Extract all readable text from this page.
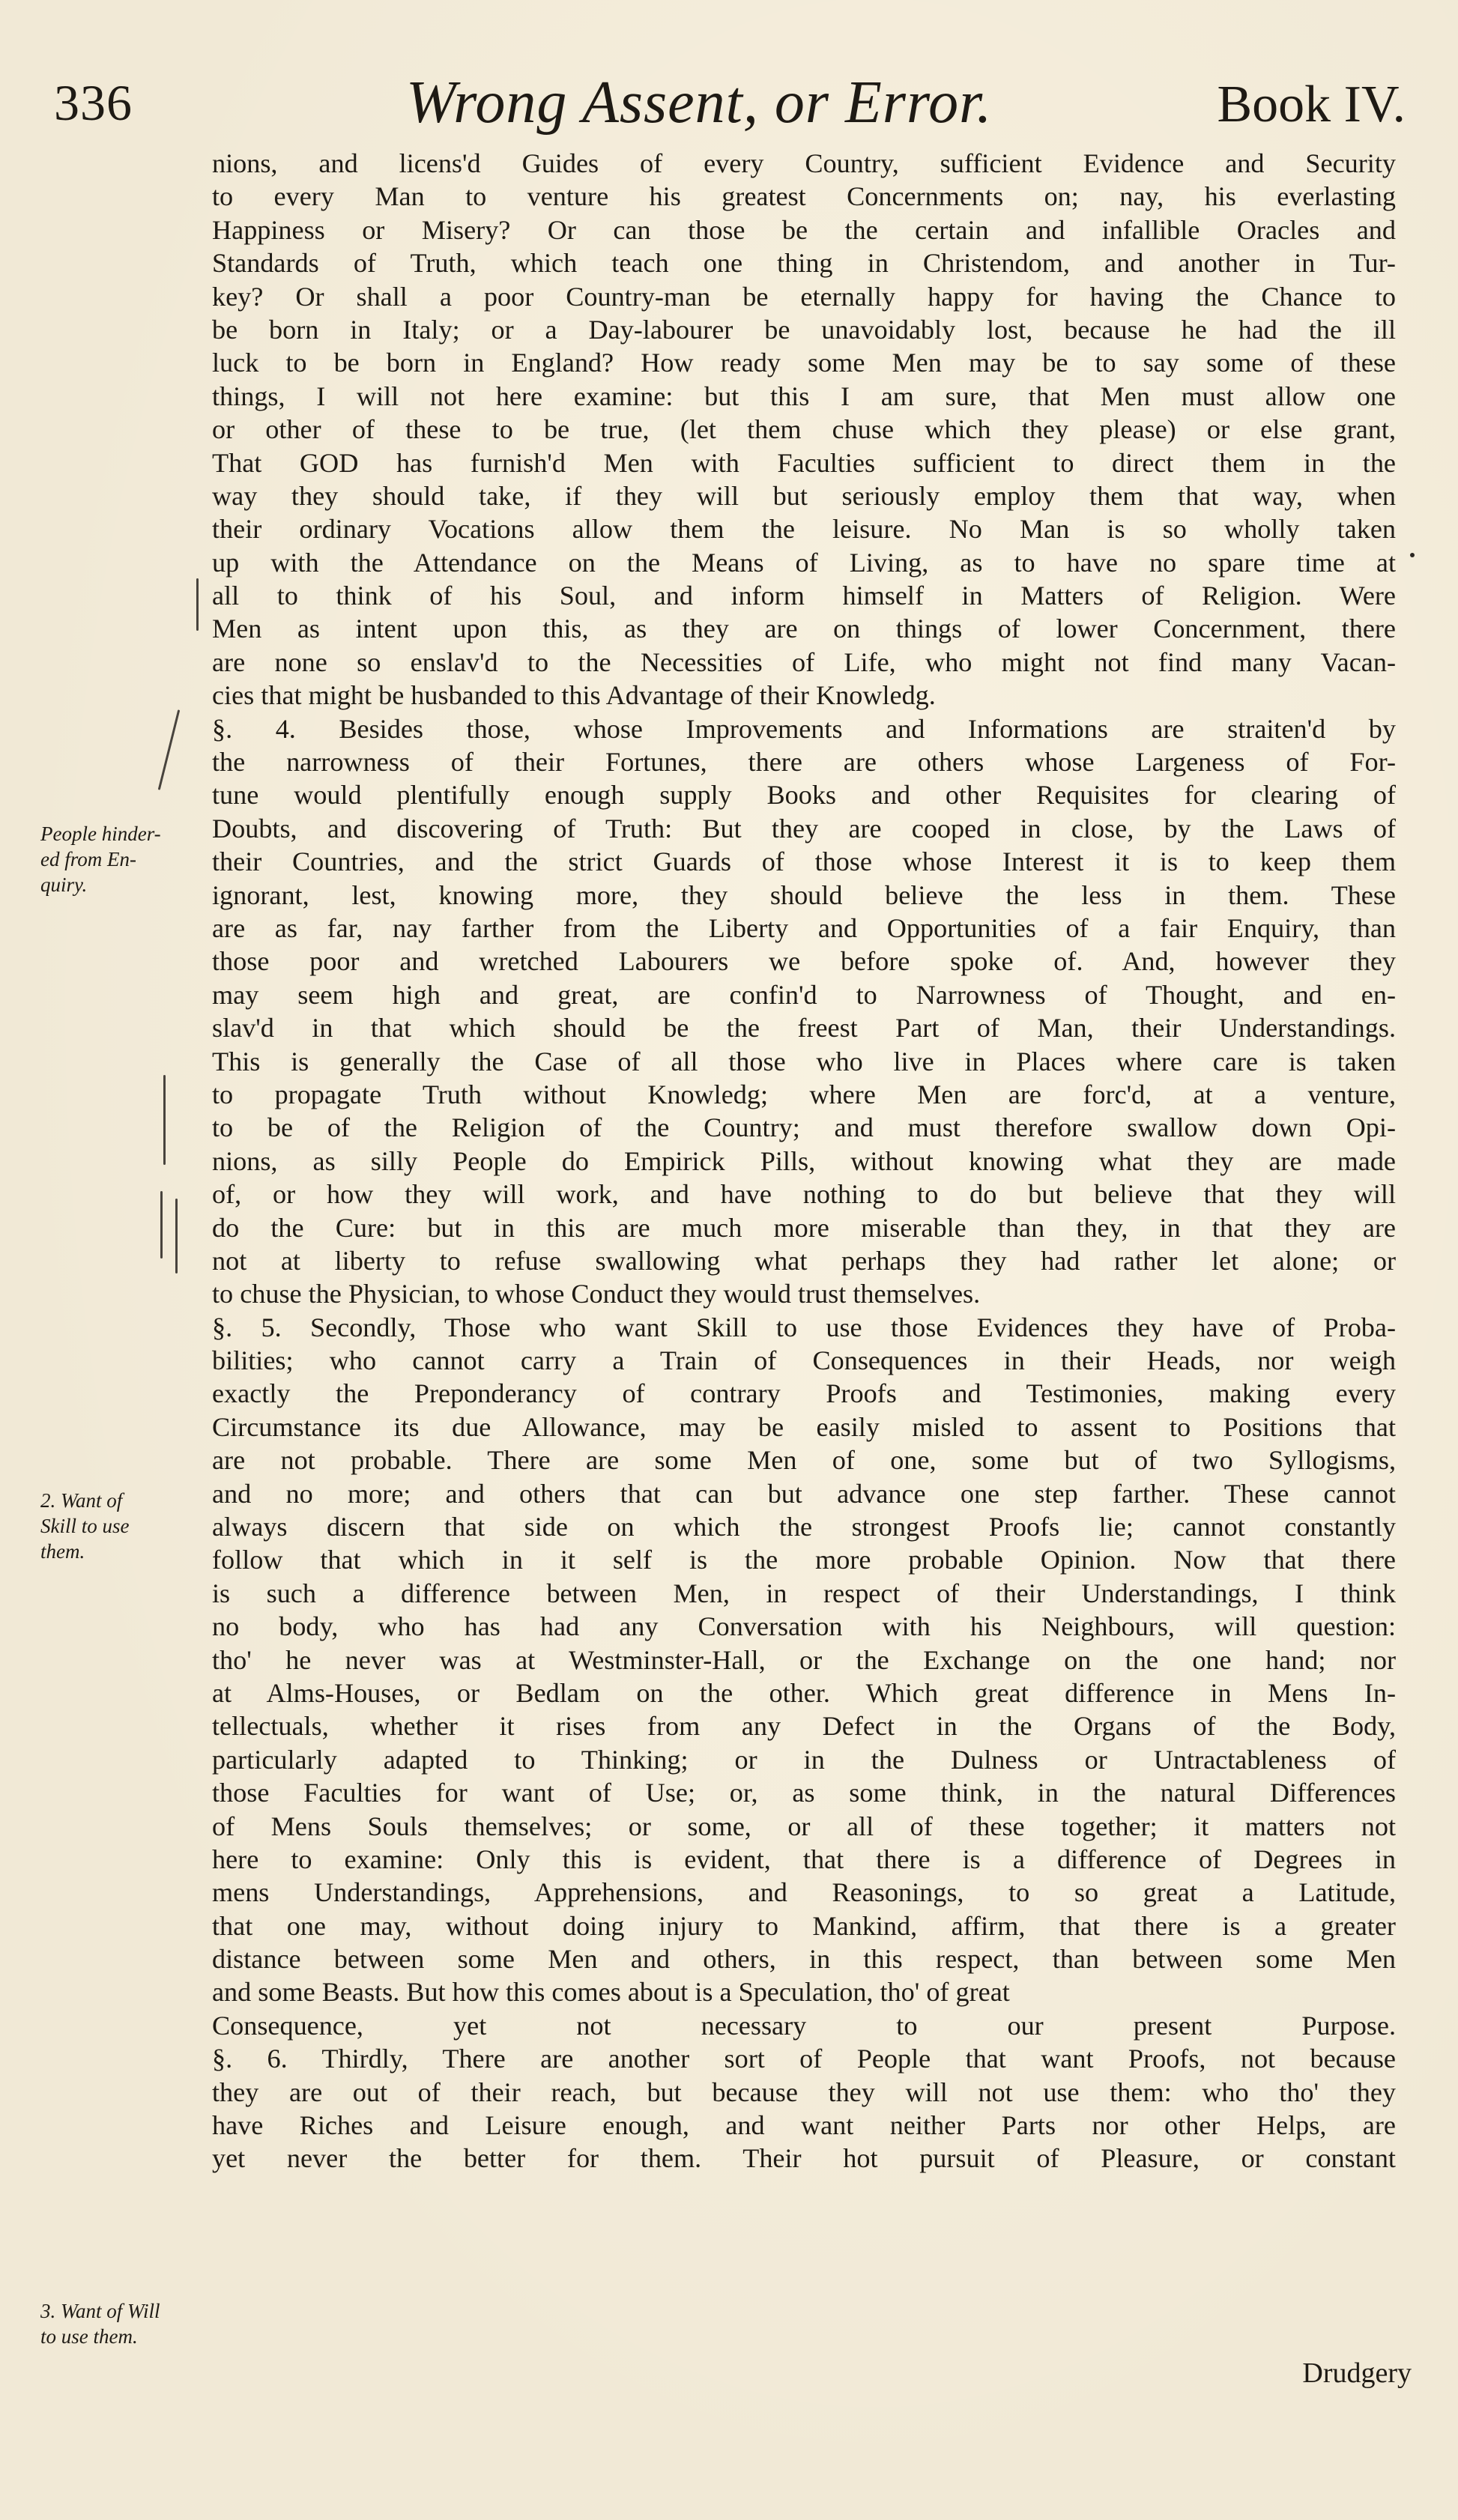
336	Wrong Assent, or Error.	Book IV.
People hinder-
ed from En-
quiry.
2. Want of
Skill to use
them.
3. Want of Will
to use them.
nions, and licens'd Guides of every Country, sufficient Evidence and Security
to every Man to venture his greatest Concernments on; nay, his everlasting
Happiness or Misery? Or can those be the certain and infallible Oracles and
Standards of Truth, which teach one thing in Christendom, and another in Tur-
key? Or shall a poor Country-man be eternally happy for having the Chance to
be born in Italy; or a Day-labourer be unavoidably lost, because he had the ill
luck to be born in England? How ready some Men may be to say some of these
things, I will not here examine: but this I am sure, that Men must allow one
or other of these to be true, (let them chuse which they please) or else grant,
That GOD has furnish'd Men with Faculties sufficient to direct them in the
way they should take, if they will but seriously employ them that way, when
their ordinary Vocations allow them the leisure. No Man is so wholly taken
up with the Attendance on the Means of Living, as to have no spare time at
all to think of his Soul, and inform himself in Matters of Religion. Were
Men as intent upon this, as they are on things of lower Concernment, there
are none so enslav'd to the Necessities of Life, who might not find many Vacan-
cies that might be husbanded to this Advantage of their Knowledg.
§. 4. Besides those, whose Improvements and Informations are straiten'd by
the narrowness of their Fortunes, there are others whose Largeness of For-
tune would plentifully enough supply Books and other Requisites for clearing of
Doubts, and discovering of Truth: But they are cooped in close, by the Laws of
their Countries, and the strict Guards of those whose Interest it is to keep them
ignorant, lest, knowing more, they should believe the less in them. These
are as far, nay farther from the Liberty and Opportunities of a fair Enquiry, than
those poor and wretched Labourers we before spoke of. And, however they
may seem high and great, are confin'd to Narrowness of Thought, and en-
slav'd in that which should be the freest Part of Man, their Understandings.
This is generally the Case of all those who live in Places where care is taken
to propagate Truth without Knowledg; where Men are forc'd, at a venture,
to be of the Religion of the Country; and must therefore swallow down Opi-
nions, as silly People do Empirick Pills, without knowing what they are made
of, or how they will work, and have nothing to do but believe that they will
do the Cure: but in this are much more miserable than they, in that they are
not at liberty to refuse swallowing what perhaps they had rather let alone; or
to chuse the Physician, to whose Conduct they would trust themselves.
§. 5. Secondly, Those who want Skill to use those Evidences they have of Proba-
bilities; who cannot carry a Train of Consequences in their Heads, nor weigh
exactly the Preponderancy of contrary Proofs and Testimonies, making every
Circumstance its due Allowance, may be easily misled to assent to Positions that
are not probable. There are some Men of one, some but of two Syllogisms,
and no more; and others that can but advance one step farther. These cannot
always discern that side on which the strongest Proofs lie; cannot constantly
follow that which in it self is the more probable Opinion. Now that there
is such a difference between Men, in respect of their Understandings, I think
no body, who has had any Conversation with his Neighbours, will question:
tho' he never was at Westminster-Hall, or the Exchange on the one hand; nor
at Alms-Houses, or Bedlam on the other. Which great difference in Mens In-
tellectuals, whether it rises from any Defect in the Organs of the Body,
particularly adapted to Thinking; or in the Dulness or Untractableness of
those Faculties for want of Use; or, as some think, in the natural Differences
of Mens Souls themselves; or some, or all of these together; it matters not
here to examine: Only this is evident, that there is a difference of Degrees in
mens Understandings, Apprehensions, and Reasonings, to so great a Latitude,
that one may, without doing injury to Mankind, affirm, that there is a greater
distance between some Men and others, in this respect, than between some Men
and some Beasts. But how this comes about is a Speculation, tho' of great
Consequence, yet not necessary to our present Purpose.
§. 6. Thirdly, There are another sort of People that want Proofs, not because
they are out of their reach, but because they will not use them: who tho' they
have Riches and Leisure enough, and want neither Parts nor other Helps, are
yet never the better for them. Their hot pursuit of Pleasure, or constant
Drudgery
